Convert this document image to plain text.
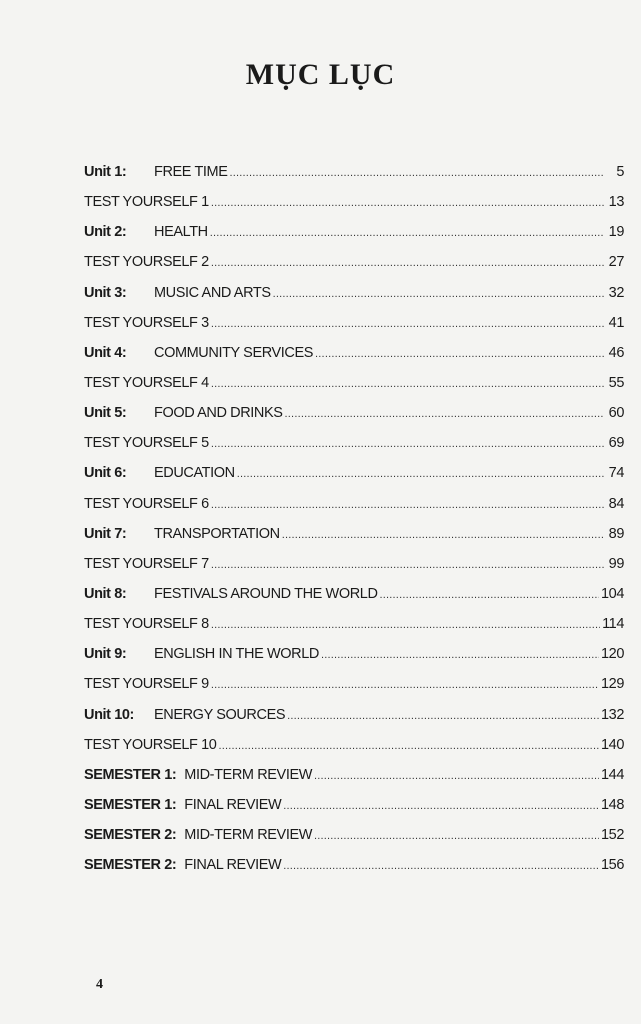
MỤC LỤC
Unit 1:	FREE TIME .....	5
TEST YOURSELF 1 .....	13
Unit 2:	HEALTH .....	19
TEST YOURSELF 2 .....	27
Unit 3:	MUSIC AND ARTS .....	32
TEST YOURSELF 3 .....	41
Unit 4:	COMMUNITY SERVICES .....	46
TEST YOURSELF 4 .....	55
Unit 5:	FOOD AND DRINKS .....	60
TEST YOURSELF 5 .....	69
Unit 6:	EDUCATION .....	74
TEST YOURSELF 6 .....	84
Unit 7:	TRANSPORTATION .....	89
TEST YOURSELF 7 .....	99
Unit 8:	FESTIVALS AROUND THE WORLD .....	104
TEST YOURSELF 8 .....	114
Unit 9:	ENGLISH IN THE WORLD .....	120
TEST YOURSELF 9 .....	129
Unit 10:	ENERGY SOURCES .....	132
TEST YOURSELF 10 .....	140
SEMESTER 1: MID-TERM REVIEW .....	144
SEMESTER 1: FINAL REVIEW .....	148
SEMESTER 2: MID-TERM REVIEW .....	152
SEMESTER 2: FINAL REVIEW .....	156
4
